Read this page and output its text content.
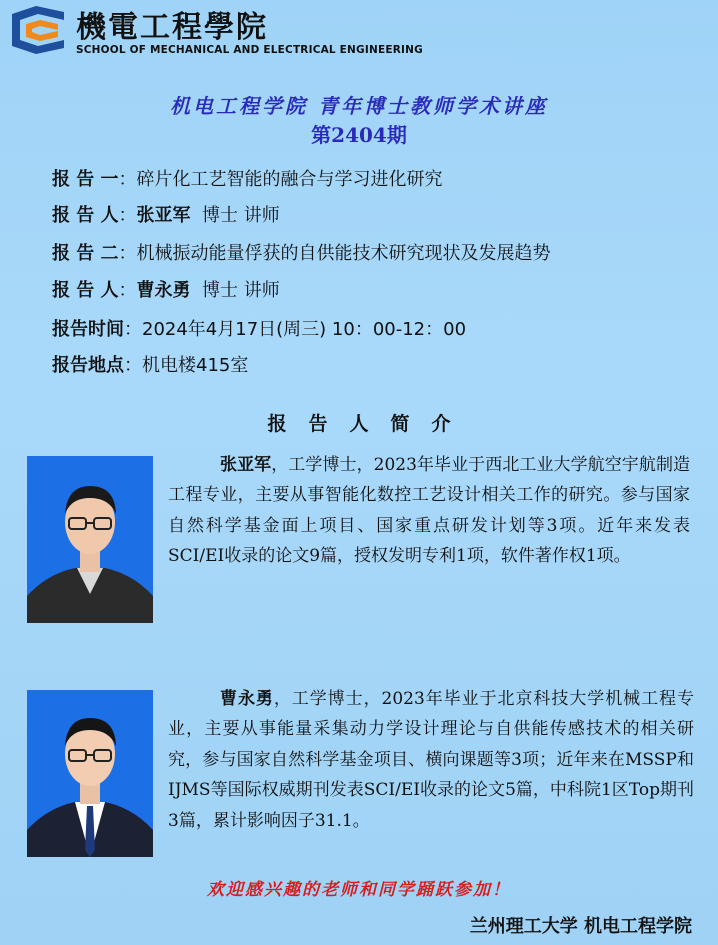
機電工程學院
SCHOOL OF MECHANICAL AND ELECTRICAL ENGINEERING
机电工程学院 青年博士教师学术讲座
第2404期
报 告 一：碎片化工艺智能的融合与学习进化研究
报 告 人：张亚军 博士 讲师
报 告 二：机械振动能量俘获的自供能技术研究现状及发展趋势
报 告 人：曹永勇 博士 讲师
报告时间：2024年4月17日(周三) 10：00-12：00
报告地点：机电楼415室
报告人简介
张亚军，工学博士，2023年毕业于西北工业大学航空宇航制造工程专业，主要从事智能化数控工艺设计相关工作的研究。参与国家自然科学基金面上项目、国家重点研发计划等3项。近年来发表SCI/EI收录的论文9篇，授权发明专利1项，软件著作权1项。
曹永勇，工学博士，2023年毕业于北京科技大学机械工程专业，主要从事能量采集动力学设计理论与自供能传感技术的相关研究，参与国家自然科学基金项目、横向课题等3项；近年来在MSSP和IJMS等国际权威期刊发表SCI/EI收录的论文5篇，中科院1区Top期刊3篇，累计影响因子31.1。
欢迎感兴趣的老师和同学踊跃参加！
兰州理工大学 机电工程学院
